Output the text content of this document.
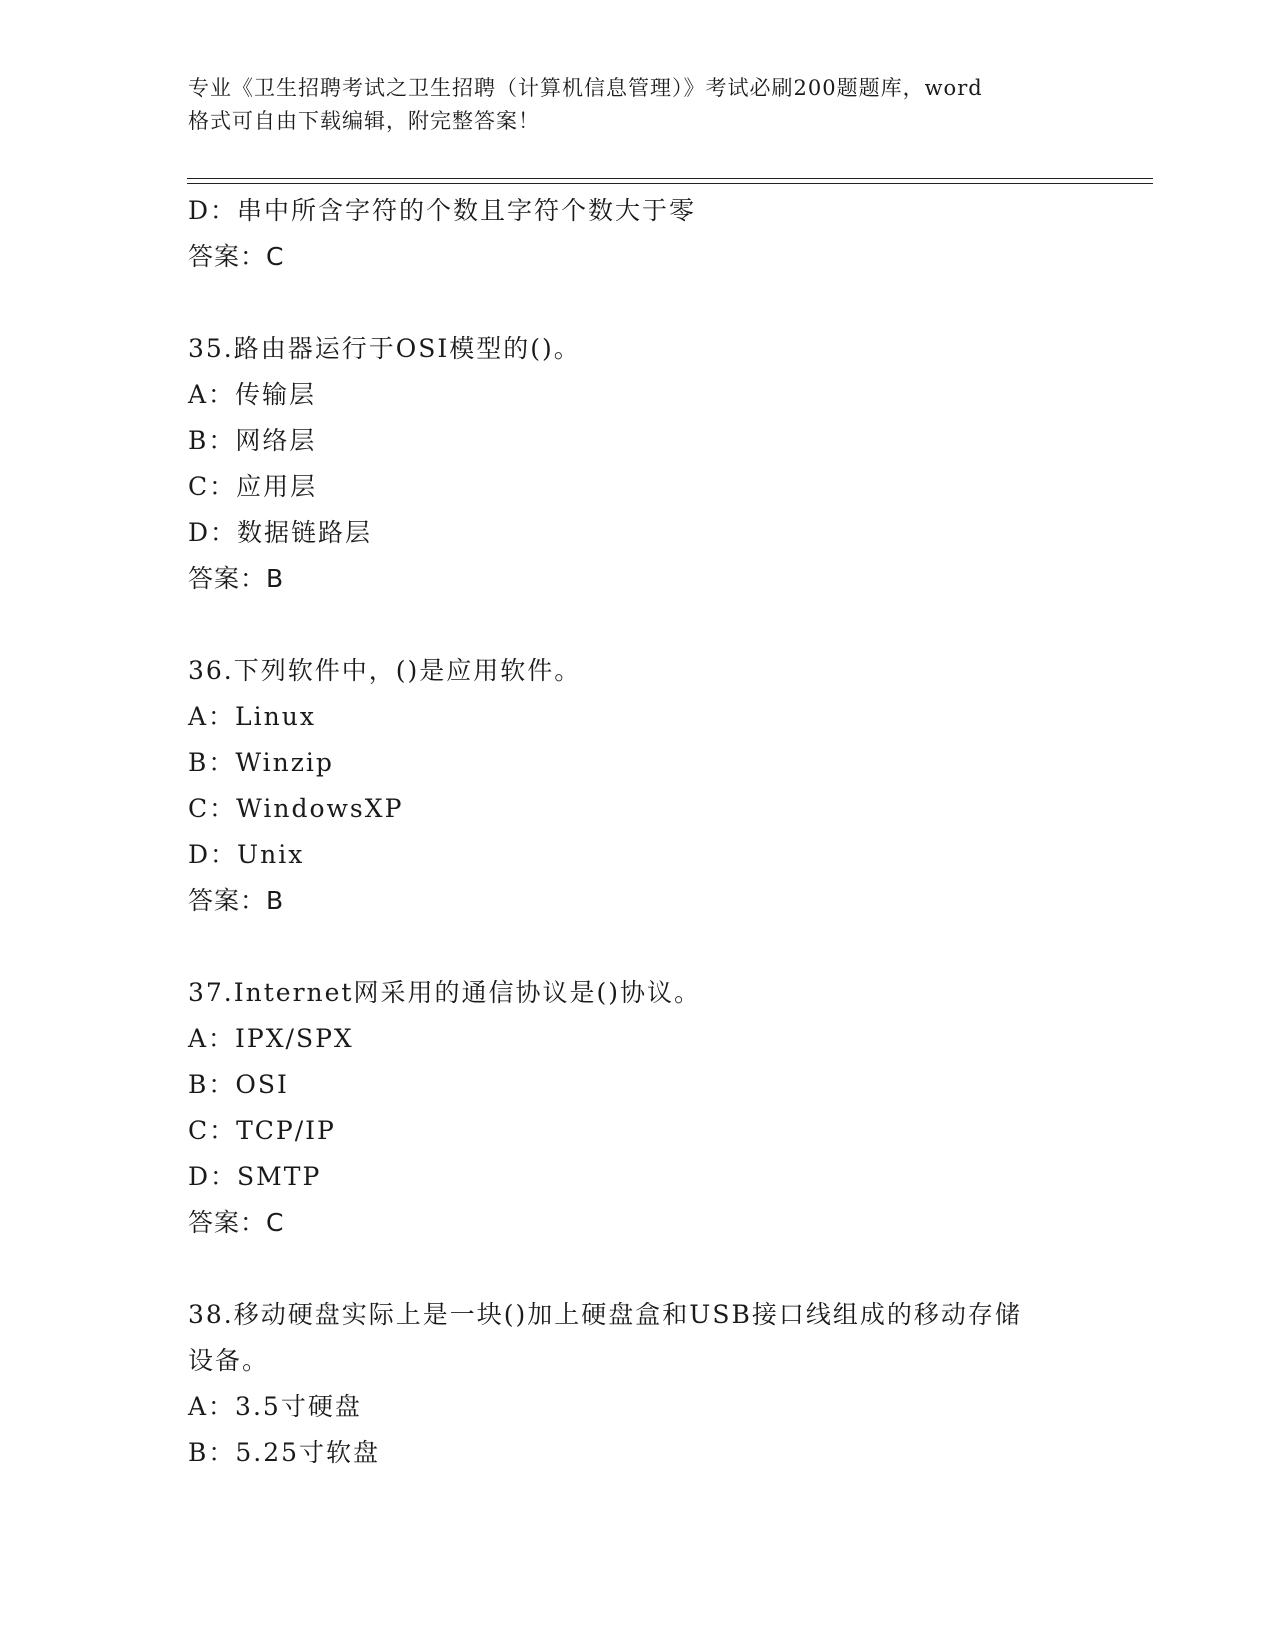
专业《卫生招聘考试之卫生招聘（计算机信息管理）》考试必刷200题题库，word
格式可自由下载编辑，附完整答案！
D：串中所含字符的个数且字符个数大于零
答案：C
35.路由器运行于OSI模型的()。
A：传输层
B：网络层
C：应用层
D：数据链路层
答案：B
36.下列软件中，()是应用软件。
A：Linux
B：Winzip
C：WindowsXP
D：Unix
答案：B
37.Internet网采用的通信协议是()协议。
A：IPX/SPX
B：OSI
C：TCP/IP
D：SMTP
答案：C
38.移动硬盘实际上是一块()加上硬盘盒和USB接口线组成的移动存储
设备。
A：3.5寸硬盘
B：5.25寸软盘
